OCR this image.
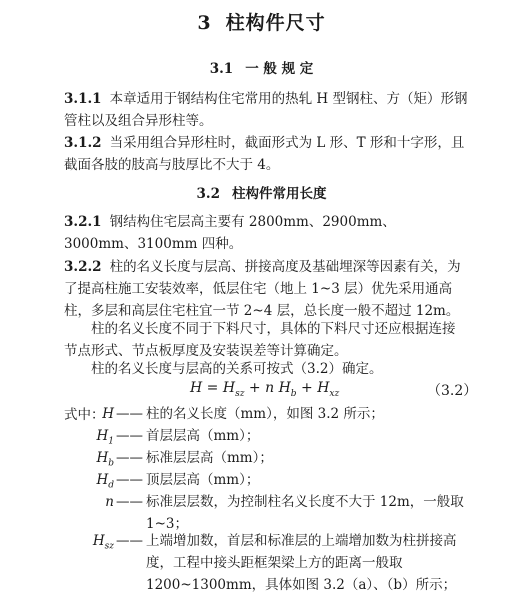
3 柱构件尺寸
3.1 一 般 规 定
3.1.1 本章适用于钢结构住宅常用的热轧 H 型钢柱、方（矩）形钢管柱以及组合异形柱等。
3.1.2 当采用组合异形柱时，截面形式为 L 形、T 形和十字形，且截面各肢的肢高与肢厚比不大于 4。
3.2 柱构件常用长度
3.2.1 钢结构住宅层高主要有 2800mm、2900mm、3000mm、3100mm 四种。
3.2.2 柱的名义长度与层高、拼接高度及基础埋深等因素有关，为了提高柱施工安装效率，低层住宅（地上 1~3 层）优先采用通高柱，多层和高层住宅柱宜一节 2~4 层，总长度一般不超过 12m。
柱的名义长度不同于下料尺寸，具体的下料尺寸还应根据连接节点形式、节点板厚度及安装误差等计算确定。
柱的名义长度与层高的关系可按式（3.2）确定。
$H = H_{sz} + n$ $H_b + H_{xz}$	（3.2）
式中：
H —— 柱的名义长度（mm），如图 3.2 所示；
$H_1$ —— 首层层高（mm）；
$H_b$ —— 标准层层高（mm）；
$H_d$ —— 顶层层高（mm）；
n —— 标准层层数，为控制柱名义长度不大于 12m，一般取 1~3；
$H_{sz}$ —— 上端增加数，首层和标准层的上端增加数为柱拼接高度，工程中接头距框架梁上方的距离一般取 1200~1300mm，具体如图 3.2（a）、（b）所示；
